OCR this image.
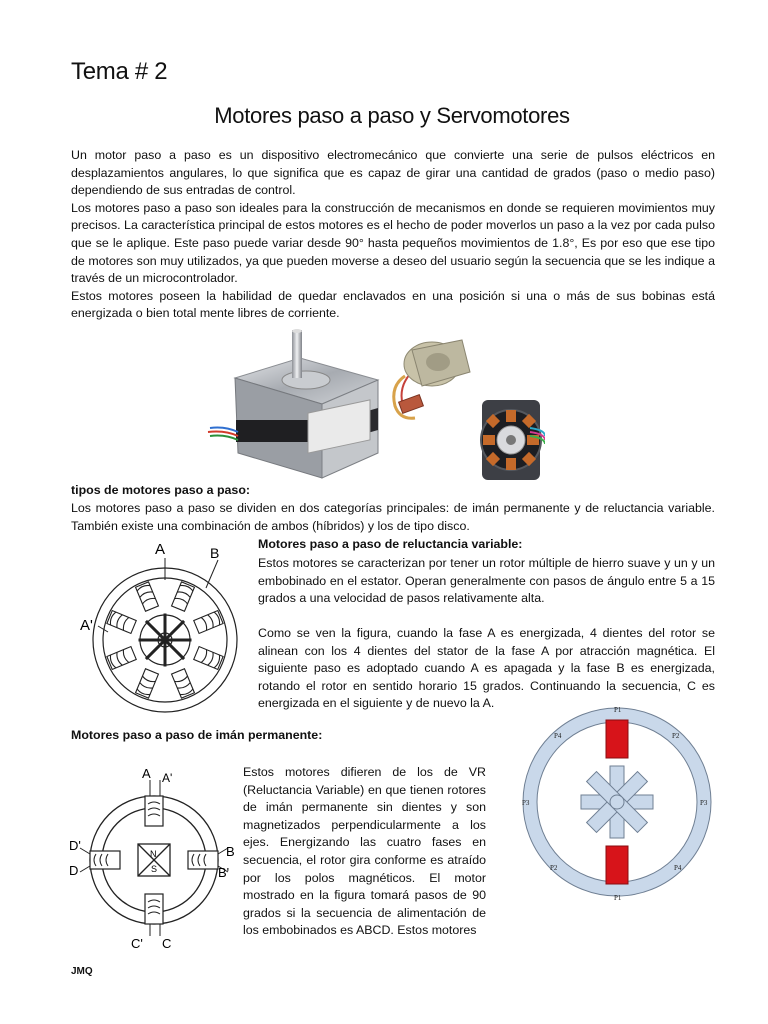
Tema # 2
Motores paso a paso y Servomotores

Un motor paso a paso es un dispositivo electromecánico que convierte una serie de pulsos eléctricos en desplazamientos angulares, lo que significa que es capaz de girar una cantidad de grados (paso o medio paso) dependiendo de sus entradas de control.

Los motores paso a paso son ideales para la construcción de mecanismos en donde se requieren movimientos muy precisos. La característica principal de estos motores es el hecho de poder moverlos un paso a la vez por cada pulso que se le aplique. Este paso puede variar desde 90° hasta pequeños movimientos de 1.8°, Es por eso que ese tipo de motores son muy utilizados, ya que pueden moverse a deseo del usuario según la secuencia que se les indique a través de un microcontrolador.

Estos motores poseen la habilidad de quedar enclavados en una posición si una o más de sus bobinas está energizada o bien total mente libres de corriente.

tipos de motores paso a paso:
Los motores paso a paso se dividen en dos categorías principales: de imán permanente y de reluctancia variable. También existe una combinación de ambos (híbridos) y los de tipo disco.
A	B
A'
Motores paso a paso de reluctancia variable:
Estos motores se caracterizan por tener un rotor múltiple de hierro suave y un y un embobinado en el estator. Operan generalmente con pasos de ángulo entre 5 a 15 grados a una velocidad de pasos relativamente alta.
Como se ven la figura, cuando la fase A es energizada, 4 dientes del rotor se alinean con los 4 dientes del stator de la fase A por atracción magnética. El siguiente paso es adoptado cuando A es apagada y la fase B es energizada, rotando el rotor en sentido horario 15 grados. Continuando la secuencia, C es energizada en el siguiente y de nuevo la A.
Motores paso a paso de imán permanente:
N
S
A A'
D'
D
B
B'
C' C
Estos motores difieren de los de VR (Reluctancia Variable) en que tienen rotores de imán permanente sin dientes y son magnetizados perpendicularmente a los ejes. Energizando las cuatro fases en secuencia, el rotor gira conforme es atraído por los polos magnéticos. El motor mostrado en la figura tomará pasos de 90 grados si la secuencia de alimentación de los embobinados es ABCD. Estos motores
P1
P1
P4	P2
P3	P3
P2	P4
JMQ
